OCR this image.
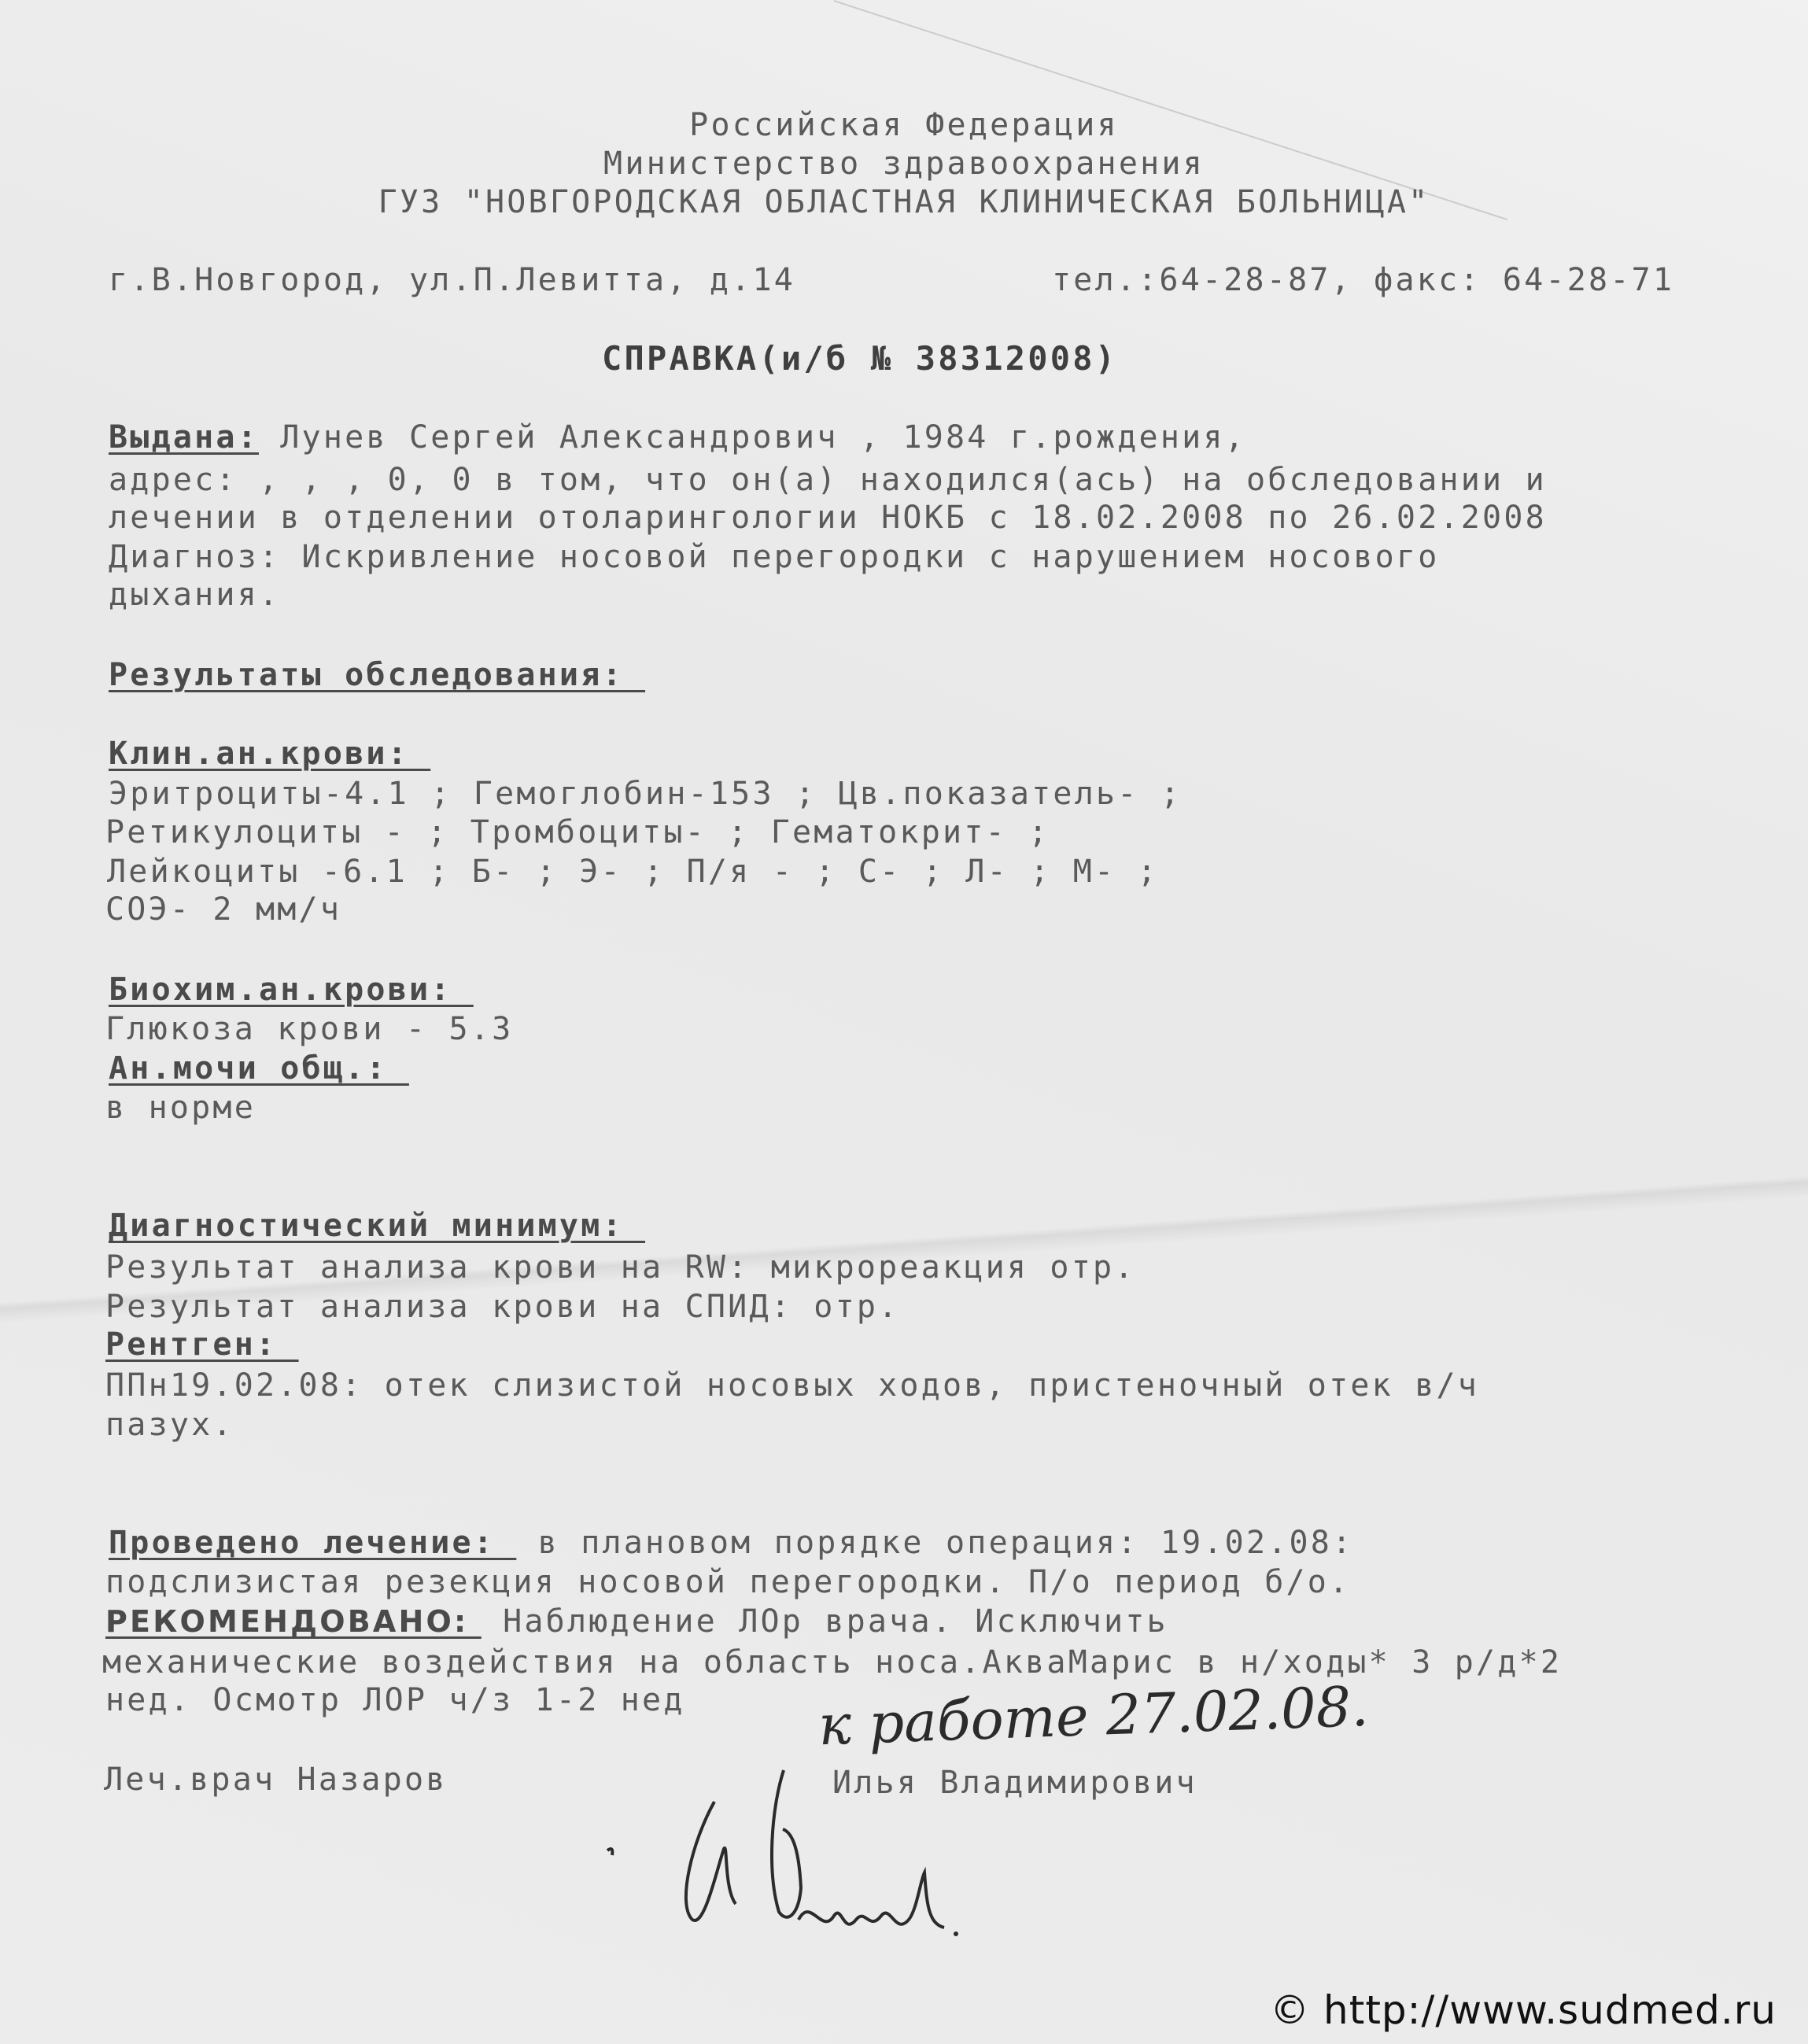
Российская Федерация
Министерство здравоохранения
ГУЗ "НОВГОРОДСКАЯ ОБЛАСТНАЯ КЛИНИЧЕСКАЯ БОЛЬНИЦА"
г.В.Новгород, ул.П.Левитта, д.14	тел.:64-28-87, факс: 64-28-71
СПРАВКА(и/б № 38312008)
Выдана: Лунев Сергей Александрович , 1984 г.рождения,
адрес: , , , 0, 0 в том, что он(а) находился(ась) на обследовании и
лечении в отделении отоларингологии НОКБ с 18.02.2008 по 26.02.2008
Диагноз: Искривление носовой перегородки с нарушением носового
дыхания.
Результаты обследования:
Клин.ан.крови:
Эритроциты-4.1 ; Гемоглобин-153 ; Цв.показатель- ;
Ретикулоциты - ; Тромбоциты- ; Гематокрит- ;
Лейкоциты -6.1 ; Б- ; Э- ; П/я - ; С- ; Л- ; М- ;
СОЭ- 2 мм/ч
Биохим.ан.крови:
Глюкоза крови - 5.3
Ан.мочи общ.:
в норме
Диагностический минимум:
Результат анализа крови на RW: микрореакция отр.
Результат анализа крови на СПИД: отр.
Рентген:
ППн19.02.08: отек слизистой носовых ходов, пристеночный отек в/ч
пазух.
Проведено лечение:  в плановом порядке операция: 19.02.08:
подслизистая резекция носовой перегородки. П/о период б/о.
РЕКОМЕНДОВАНО:  Наблюдение ЛОр врача. Исключить
механические воздействия на область носа.АкваМарис в н/ходы* 3 р/д*2
нед. Осмотр ЛОР ч/з 1-2 нед к работе 27.02.08.
Леч.врач Назаров	Илья Владимирович
Назаров
© http://www.sudmed.ru
